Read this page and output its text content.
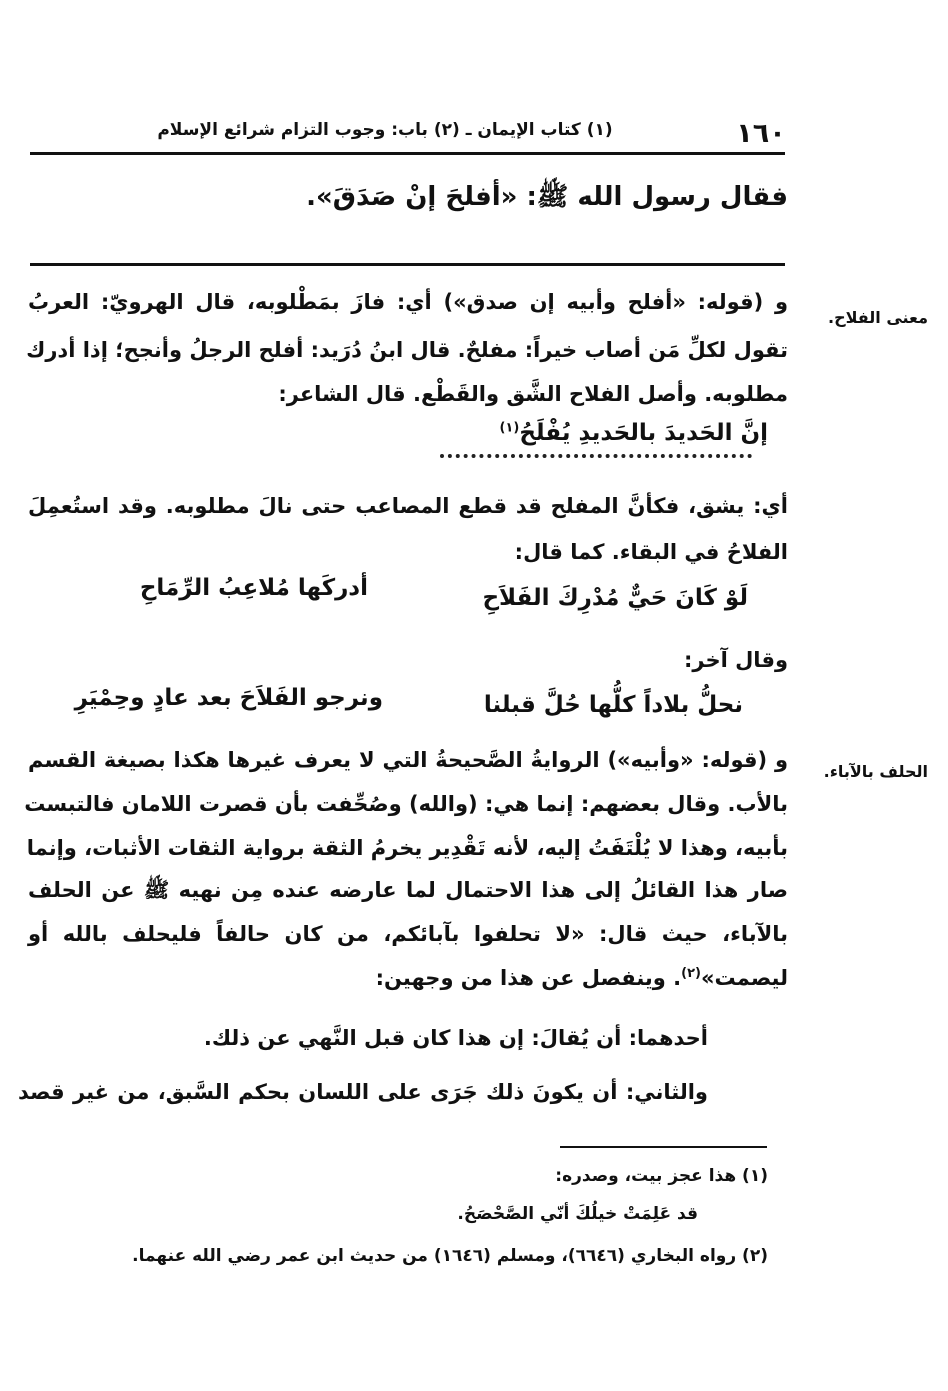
١٦٠
(١) كتاب الإيمان ـ (٢) باب: وجوب التزام شرائع الإسلام
فقال رسول الله ﷺ: «أفلحَ إنْ صَدَقَ».
معنى الفلاح.
الحلف بالآباء.
و (قوله: «أفلح وأبيه إن صدق») أي: فازَ بمَطْلوبه، قال الهرويّ: العربُ
تقول لكلِّ مَن أصاب خيراً: مفلحٌ. قال ابنُ دُرَيد: أفلح الرجلُ وأنجح؛ إذا أدرك
مطلوبه. وأصل الفلاح الشَّق والقَطْع. قال الشاعر:
إنَّ الحَديدَ بالحَديدِ يُفْلَحُ$^{(١)}$
أي: يشق، فكأنَّ المفلح قد قطع المصاعب حتى نالَ مطلوبه. وقد استُعمِلَ
الفلاحُ في البقاء. كما قال:
لَوْ كَانَ حَيٌّ مُدْرِكَ الفَلاَحِ
أدركَها مُلاعِبُ الرِّمَاحِ
وقال آخر:
نحلُّ بلاداً كلُّها حُلَّ قبلنا
ونرجو الفَلاَحَ بعد عادٍ وحِمْيَرِ
و (قوله: «وأبيه») الروايةُ الصَّحيحةُ التي لا يعرف غيرها هكذا بصيغة القسم
بالأب. وقال بعضهم: إنما هي: (والله) وصُحِّفت بأن قصرت اللامان فالتبست
بأبيه، وهذا لا يُلْتَفَتُ إليه، لأنه تَقْدِير يخرمُ الثقة برواية الثقات الأثبات، وإنما
صار هذا القائلُ إلى هذا الاحتمال لما عارضه عنده مِن نهيه ﷺ عن الحلف
بالآباء، حيث قال: «لا تحلفوا بآبائكم، من كان حالفاً فليحلف بالله أو
ليصمت»$^{(٢)}$. وينفصل عن هذا من وجهين:
أحدهما: أن يُقالَ: إن هذا كان قبل النَّهي عن ذلك.
والثاني: أن يكونَ ذلك جَرَى على اللسان بحكم السَّبق، من غير قصد
(١) هذا عجز بيت، وصدره:
قد عَلِمَتْ خيلُكَ أنّي الصَّحْصَحُ.
(٢) رواه البخاري (٦٦٤٦)، ومسلم (١٦٤٦) من حديث ابن عمر رضي الله عنهما.
